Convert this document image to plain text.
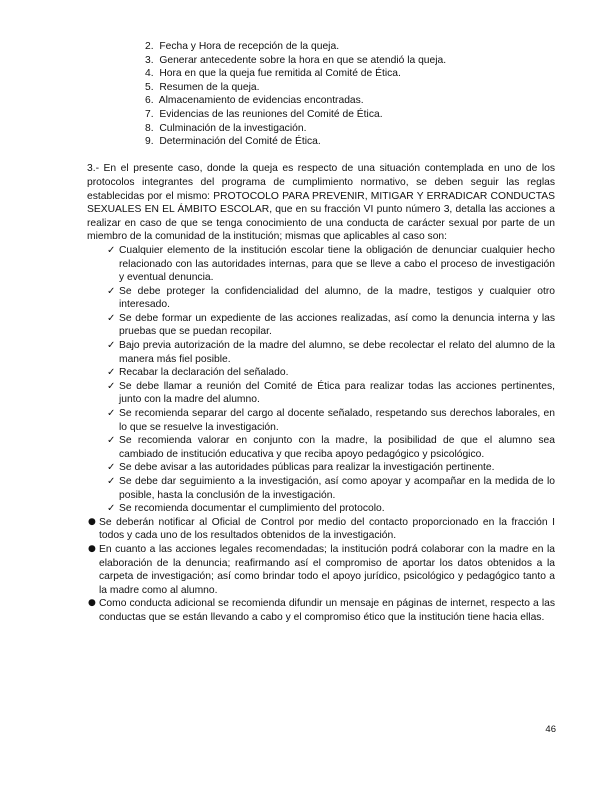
2. Fecha y Hora de recepción de la queja.
3. Generar antecedente sobre la hora en que se atendió la queja.
4. Hora en que la queja fue remitida al Comité de Ética.
5. Resumen de la queja.
6. Almacenamiento de evidencias encontradas.
7. Evidencias de las reuniones del Comité de Ética.
8. Culminación de la investigación.
9. Determinación del Comité de Ética.

3.- En el presente caso, donde la queja es respecto de una situación contemplada en uno de los protocolos integrantes del programa de cumplimiento normativo, se deben seguir las reglas establecidas por el mismo: PROTOCOLO PARA PREVENIR, MITIGAR Y ERRADICAR CONDUCTAS SEXUALES EN EL ÁMBITO ESCOLAR, que en su fracción VI punto número 3, detalla las acciones a realizar en caso de que se tenga conocimiento de una conducta de carácter sexual por parte de un miembro de la comunidad de la institución; mismas que aplicables al caso son:

✓ Cualquier elemento de la institución escolar tiene la obligación de denunciar cualquier hecho relacionado con las autoridades internas, para que se lleve a cabo el proceso de investigación y eventual denuncia.
✓ Se debe proteger la confidencialidad del alumno, de la madre, testigos y cualquier otro interesado.
✓ Se debe formar un expediente de las acciones realizadas, así como la denuncia interna y las pruebas que se puedan recopilar.
✓ Bajo previa autorización de la madre del alumno, se debe recolectar el relato del alumno de la manera más fiel posible.
✓ Recabar la declaración del señalado.
✓ Se debe llamar a reunión del Comité de Ética para realizar todas las acciones pertinentes, junto con la madre del alumno.
✓ Se recomienda separar del cargo al docente señalado, respetando sus derechos laborales, en lo que se resuelve la investigación.
✓ Se recomienda valorar en conjunto con la madre, la posibilidad de que el alumno sea cambiado de institución educativa y que reciba apoyo pedagógico y psicológico.
✓ Se debe avisar a las autoridades públicas para realizar la investigación pertinente.
✓ Se debe dar seguimiento a la investigación, así como apoyar y acompañar en la medida de lo posible, hasta la conclusión de la investigación.
✓ Se recomienda documentar el cumplimiento del protocolo.
● Se deberán notificar al Oficial de Control por medio del contacto proporcionado en la fracción I todos y cada uno de los resultados obtenidos de la investigación.
● En cuanto a las acciones legales recomendadas; la institución podrá colaborar con la madre en la elaboración de la denuncia; reafirmando así el compromiso de aportar los datos obtenidos a la carpeta de investigación; así como brindar todo el apoyo jurídico, psicológico y pedagógico tanto a la madre como al alumno.
● Como conducta adicional se recomienda difundir un mensaje en páginas de internet, respecto a las conductas que se están llevando a cabo y el compromiso ético que la institución tiene hacia ellas.
46
